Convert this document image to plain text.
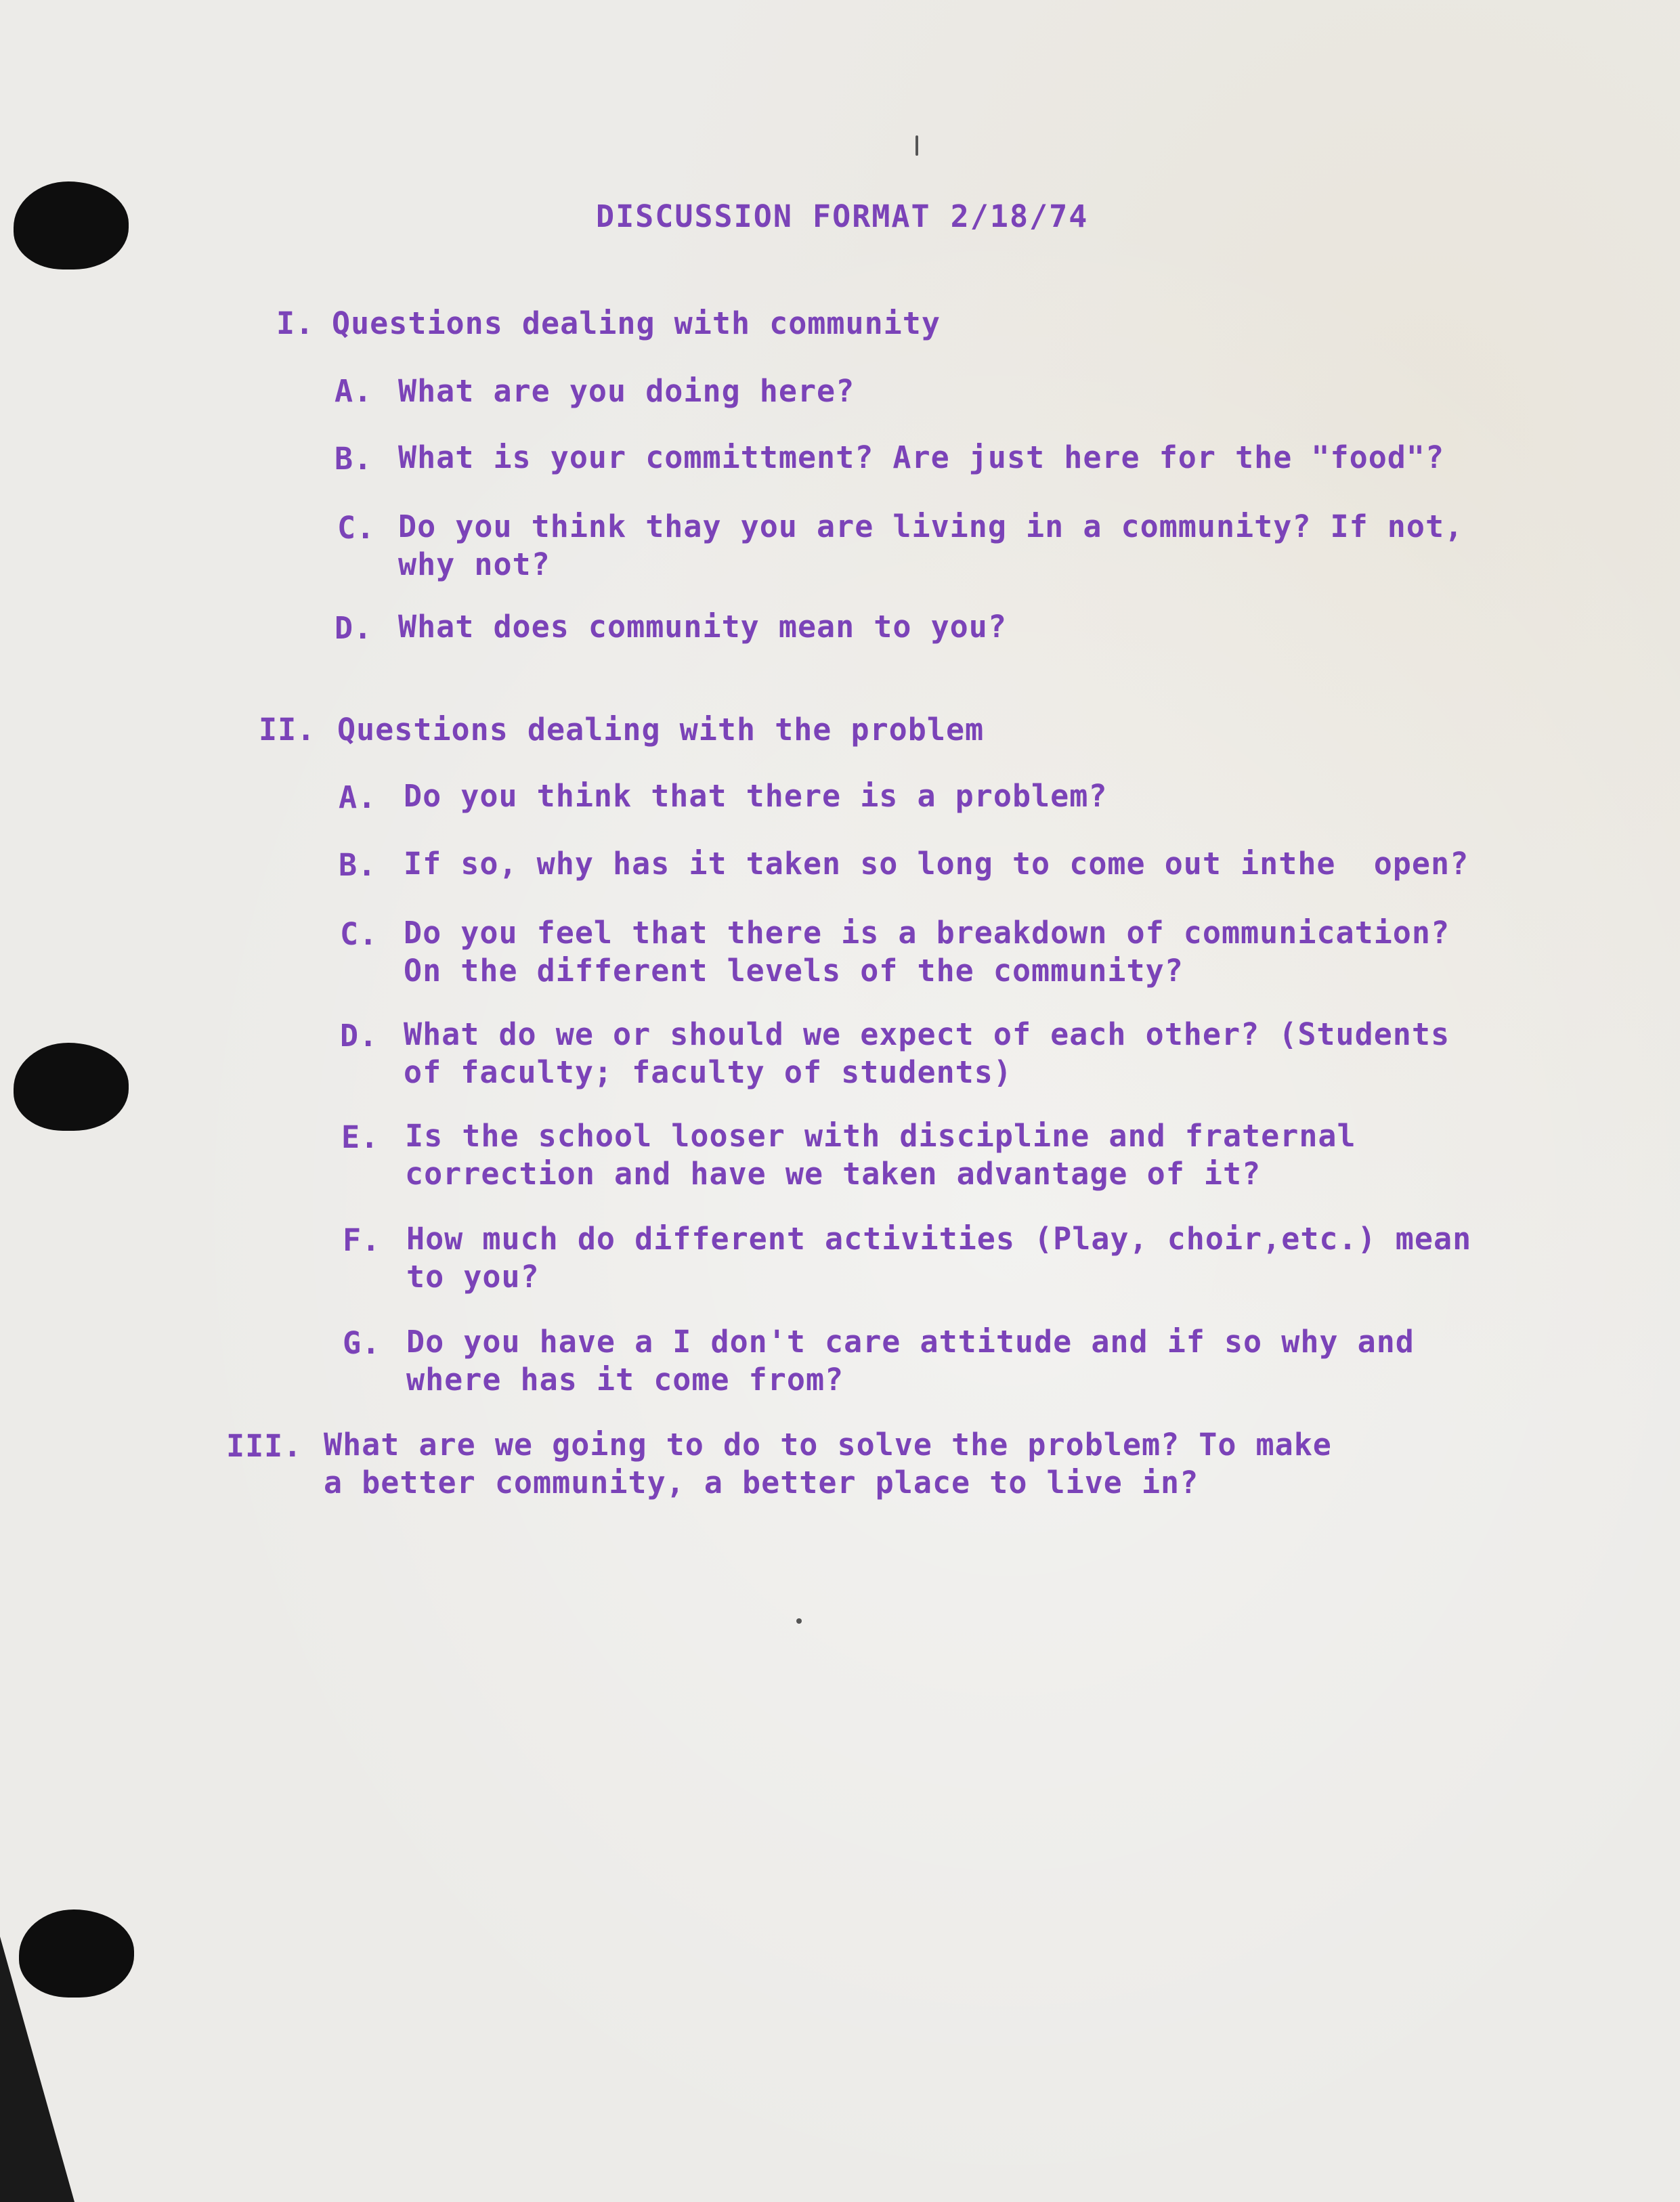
DISCUSSION FORMAT 2/18/74
I. Questions dealing with community
A. What are you doing here?
B. What is your committment? Are just here for the "food"?
C. Do you think thay you are living in a community? If not,
why not?
D. What does community mean to you?
II. Questions dealing with the problem
A. Do you think that there is a problem?
B. If so, why has it taken so long to come out inthe  open?
C. Do you feel that there is a breakdown of communication?
On the different levels of the community?
D. What do we or should we expect of each other? (Students
of faculty; faculty of students)
E. Is the school looser with discipline and fraternal
correction and have we taken advantage of it?
F. How much do different activities (Play, choir,etc.) mean
to you?
G. Do you have a I don't care attitude and if so why and
where has it come from?
III. What are we going to do to solve the problem? To make
a better community, a better place to live in?
